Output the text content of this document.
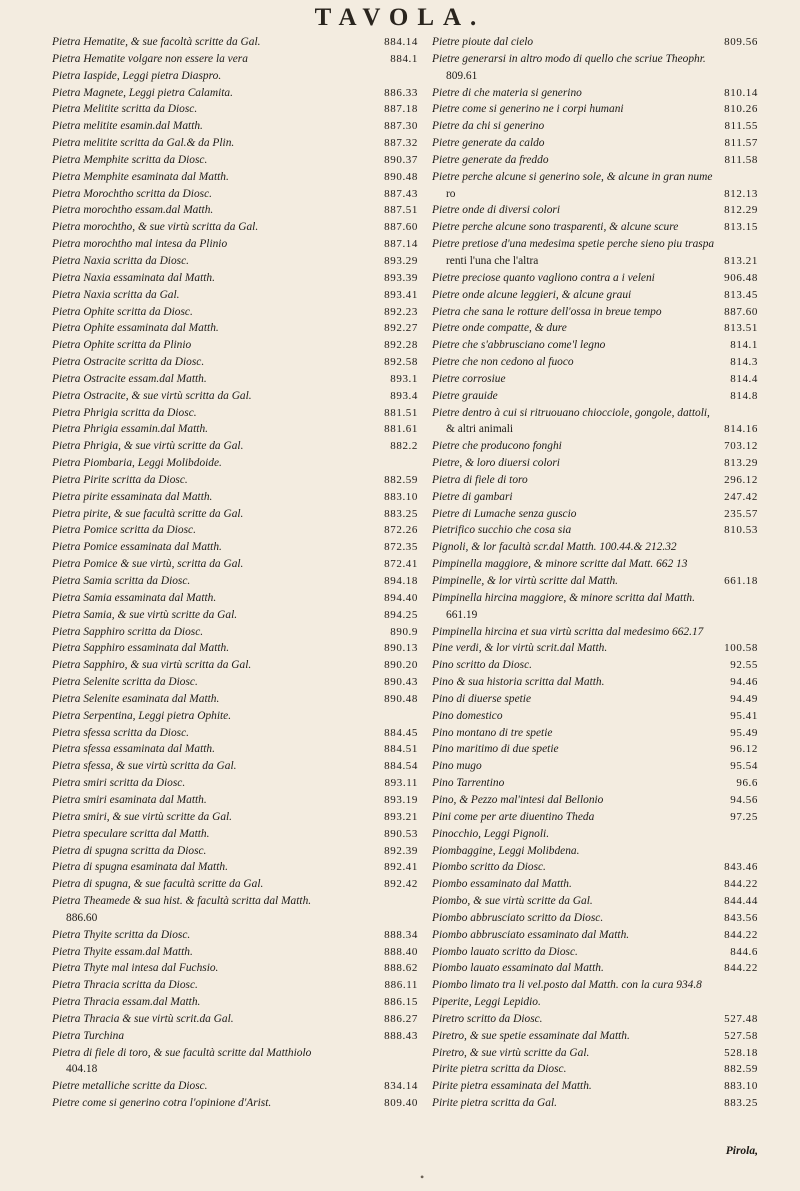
TAVOLA.
Pietra Hematite, & sue facoltà scritte da Gal.	884.14
Pietra Hematite volgare non essere la vera	884.1
Pietra Iaspide, Leggi pietra Diaspro.
Pietra Magnete, Leggi pietra Calamita.	886.33
Pietra Melitite scritta da Diosc.	887.18
Pietra melitite esamin.dal Matth.	887.30
Pietra melitite scritta da Gal.& da Plin.	887.32
Pietra Memphite scritta da Diosc.	890.37
Pietra Memphite esaminata dal Matth.	890.48
Pietra Morochtho scritta da Diosc.	887.43
Pietra morochtho essam.dal Matth.	887.51
Pietra morochtho, & sue virtù scritta da Gal.	887.60
Pietra morochtho mal intesa da Plinio	887.14
Pietra Naxia scritta da Diosc.	893.29
Pietra Naxia essaminata dal Matth.	893.39
Pietra Naxia scritta da Gal.	893.41
Pietra Ophite scritta da Diosc.	892.23
Pietra Ophite essaminata dal Matth.	892.27
Pietra Ophite scritta da Plinio	892.28
Pietra Ostracite scritta da Diosc.	892.58
Pietra Ostracite essam.dal Matth.	893.1
Pietra Ostracite, & sue virtù scritta da Gal.	893.4
Pietra Phrigia scritta da Diosc.	881.51
Pietra Phrigia essamin.dal Matth.	881.61
Pietra Phrigia, & sue virtù scritte da Gal.	882.2
Pietra Piombaria, Leggi Molibdoide.
Pietra Pirite scritta da Diosc.	882.59
Pietra pirite essaminata dal Matth.	883.10
Pietra pirite, & sue facultà scritte da Gal.	883.25
Pietra Pomice scritta da Diosc.	872.26
Pietra Pomice essaminata dal Matth.	872.35
Pietra Pomice & sue virtù, scritta da Gal.	872.41
Pietra Samia scritta da Diosc.	894.18
Pietra Samia essaminata dal Matth.	894.40
Pietra Samia, & sue virtù scritte da Gal.	894.25
Pietra Sapphiro scritta da Diosc.	890.9
Pietra Sapphiro essaminata dal Matth.	890.13
Pietra Sapphiro, & sua virtù scritta da Gal.	890.20
Pietra Selenite scritta da Diosc.	890.43
Pietra Selenite esaminata dal Matth.	890.48
Pietra Serpentina, Leggi pietra Ophite.
Pietra sfessa scritta da Diosc.	884.45
Pietra sfessa essaminata dal Matth.	884.51
Pietra sfessa, & sue virtù scritta da Gal.	884.54
Pietra smiri scritta da Diosc.	893.11
Pietra smiri esaminata dal Matth.	893.19
Pietra smiri, & sue virtù scritte da Gal.	893.21
Pietra speculare scritta dal Matth.	890.53
Pietra di spugna scritta da Diosc.	892.39
Pietra di spugna esaminata dal Matth.	892.41
Pietra di spugna, & sue facultà scritte da Gal.	892.42
Pietra Theamede & sua hist. & facultà scritta dal Matth.
886.60
Pietra Thyite scritta da Diosc.	888.34
Pietra Thyite essam.dal Matth.	888.40
Pietra Thyte mal intesa dal Fuchsio.	888.62
Pietra Thracia scritta da Diosc.	886.11
Pietra Thracia essam.dal Matth.	886.15
Pietra Thracia & sue virtù scrit.da Gal.	886.27
Pietra Turchina	888.43
Pietra di fiele di toro, & sue facultà scritte dal Matthiolo
404.18
Pietre metalliche scritte da Diosc.	834.14
Pietre come si generino cotra l'opinione d'Arist.	809.40
Pietre pioute dal cielo	809.56
Pietre generarsi in altro modo di quello che scriue Theophr.
809.61
Pietre di che materia si generino	810.14
Pietre come si generino ne i corpi humani	810.26
Pietre da chi si generino	811.55
Pietre generate da caldo	811.57
Pietre generate da freddo	811.58
Pietre perche alcune si generino sole, & alcune in gran nume
ro	812.13
Pietre onde di diversi colori	812.29
Pietre perche alcune sono trasparenti, & alcune scure	813.15
Pietre pretiose d'una medesima spetie perche sieno piu traspa
renti l'una che l'altra	813.21
Pietre preciose quanto vagliono contra a i veleni	906.48
Pietre onde alcune leggieri, & alcune graui	813.45
Pietra che sana le rotture dell'ossa in breue tempo	887.60
Pietre onde compatte, & dure	813.51
Pietre che s'abbrusciano come'l legno	814.1
Pietre che non cedono al fuoco	814.3
Pietre corrosiue	814.4
Pietre grauide	814.8
Pietre dentro à cui si ritruouano chiocciole, gongole, dattoli,
& altri animali	814.16
Pietre che producono fonghi	703.12
Pietre, & loro diuersi colori	813.29
Pietra di fiele di toro	296.12
Pietre di gambari	247.42
Pietre di Lumache senza guscio	235.57
Pietrifico succhio che cosa sia	810.53
Pignoli, & lor facultà scr.dal Matth. 100.44.& 212.32
Pimpinella maggiore, & minore scritte dal Matt. 662 13
Pimpinelle, & lor virtù scritte dal Matth.	661.18
Pimpinella hircina maggiore, & minore scritta dal Matth.
661.19
Pimpinella hircina et sua virtù scritta dal medesimo 662.17
Pine verdi, & lor virtù scrit.dal Matth.	100.58
Pino scritto da Diosc.	92.55
Pino & sua historia scritta dal Matth.	94.46
Pino di diuerse spetie	94.49
Pino domestico	95.41
Pino montano di tre spetie	95.49
Pino maritimo di due spetie	96.12
Pino mugo	95.54
Pino Tarrentino	96.6
Pino, & Pezzo mal'intesi dal Bellonio	94.56
Pini come per arte diuentino Theda	97.25
Pinocchio, Leggi Pignoli.
Piombaggine, Leggi Molibdena.
Piombo scritto da Diosc.	843.46
Piombo essaminato dal Matth.	844.22
Piombo, & sue virtù scritte da Gal.	844.44
Piombo abbrusciato scritto da Diosc.	843.56
Piombo abbrusciato essaminato dal Matth.	844.22
Piombo lauato scritto da Diosc.	844.6
Piombo lauato essaminato dal Matth.	844.22
Piombo limato tra li vel.posto dal Matth. con la cura 934.8
Piperite, Leggi Lepidio.
Piretro scritto da Diosc.	527.48
Piretro, & sue spetie essaminate dal Matth.	527.58
Piretro, & sue virtù scritte da Gal.	528.18
Pirite pietra scritta da Diosc.	882.59
Pirite pietra essaminata del Matth.	883.10
Pirite pietra scritta da Gal.	883.25
Pirola,
•
